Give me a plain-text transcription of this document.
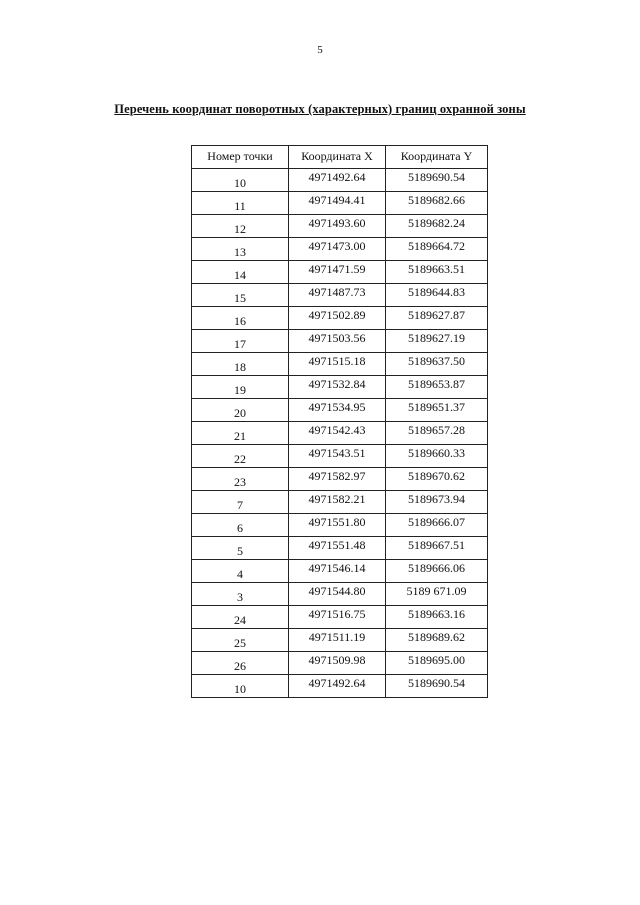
5
Перечень координат поворотных (характерных) границ охранной зоны
Номер точки	Координата X	Координата Y
10	4971492.64	5189690.54
11	4971494.41	5189682.66
12	4971493.60	5189682.24
13	4971473.00	5189664.72
14	4971471.59	5189663.51
15	4971487.73	5189644.83
16	4971502.89	5189627.87
17	4971503.56	5189627.19
18	4971515.18	5189637.50
19	4971532.84	5189653.87
20	4971534.95	5189651.37
21	4971542.43	5189657.28
22	4971543.51	5189660.33
23	4971582.97	5189670.62
7	4971582.21	5189673.94
6	4971551.80	5189666.07
5	4971551.48	5189667.51
4	4971546.14	5189666.06
3	4971544.80	5189 671.09
24	4971516.75	5189663.16
25	4971511.19	5189689.62
26	4971509.98	5189695.00
10	4971492.64	5189690.54
